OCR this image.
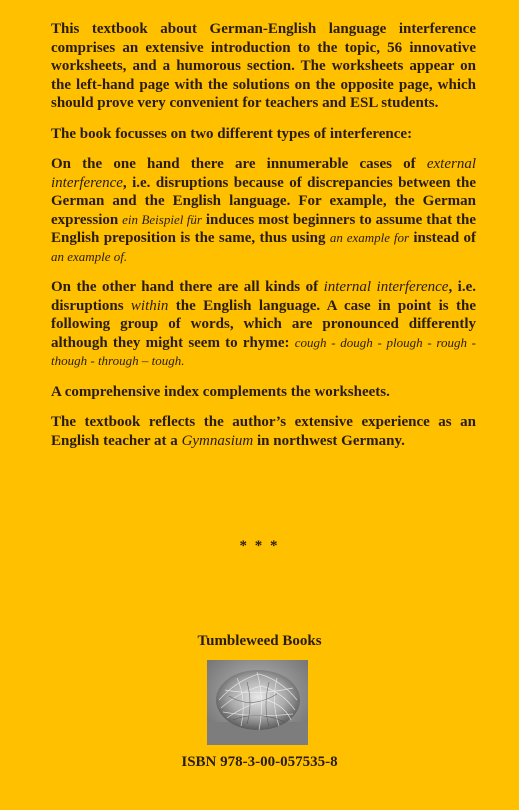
This textbook about German-English language interference comprises an extensive introduction to the topic, 56 innovative worksheets, and a humorous section. The worksheets appear on the left-hand page with the solutions on the opposite page, which should prove very convenient for teachers and ESL students.

The book focusses on two different types of interference:

On the one hand there are innumerable cases of external interference, i.e. disruptions because of discrepancies between the German and the English language. For example, the German expression ein Beispiel für induces most beginners to assume that the English preposition is the same, thus using an example for instead of an example of.

On the other hand there are all kinds of internal interference, i.e. disruptions within the English language. A case in point is the following group of words, which are pronounced differently although they might seem to rhyme: cough - dough - plough - rough - though - through – tough.

A comprehensive index complements the worksheets.

The textbook reflects the author’s extensive experience as an English teacher at a Gymnasium in northwest Germany.

* * *
Tumbleweed Books
ISBN 978-3-00-057535-8
